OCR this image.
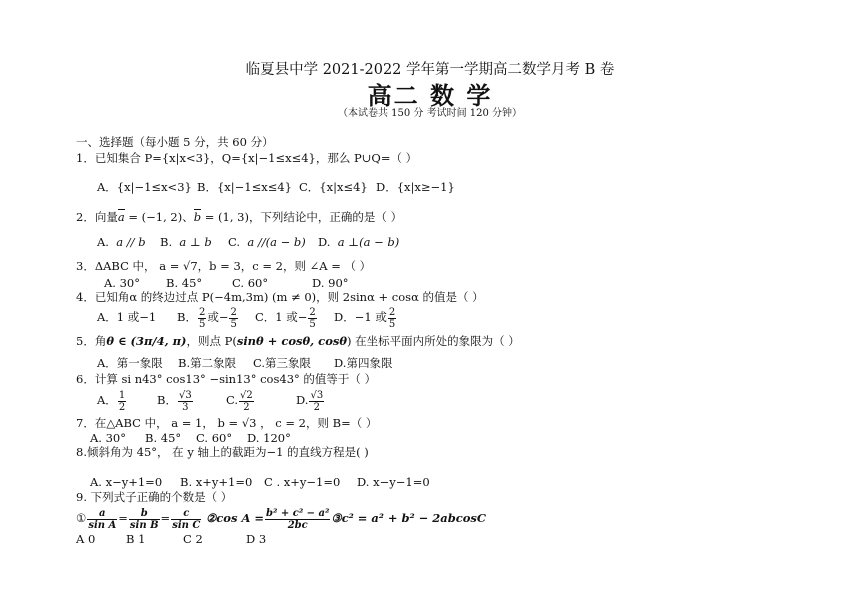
临夏县中学 2021-2022 学年第一学期高二数学月考 B 卷
高二 数 学
（本试卷共 150 分 考试时间 120 分钟）
一、选择题（每小题 5 分，共 60 分）
1．已知集合 P={x|x<3}，Q={x|−1≤x≤4}，那么 P∪Q=（ ）
A．{x|−1≤x<3} B．{x|−1≤x≤4} C．{x|x≤4} D．{x|x≥−1}
2．向量a = (−1, 2)、b = (1, 3)，下列结论中，正确的是（ ）
A. a // b B. a ⊥ b C. a //(a − b) D. a ⊥(a − b)
3．ΔABC 中， a = √7，b = 3，c = 2，则 ∠A = （ ）
A. 30° B. 45°	C. 60°	D. 90°
4．已知角α 的终边过点 P(−4m,3m) (m ≠ 0)，则 2sinα + cosα 的值是（ ）
A．1 或−1 B． $\frac{2}{5}$ 或− $\frac{2}{5}$ C．1 或− $\frac{2}{5}$ D．−1 或 $\frac{2}{5}$
5．角θ ∈ (3π/4, π)，则点 P(sinθ + cosθ, cosθ) 在坐标平面内所处的象限为（ ）
A．第一象限 B.第二象限 C.第三象限 D.第四象限
6．计算 si n43° cos13° −sin13° cos43° 的值等于（ ）
A． $\frac{1}{2}$	B． $\frac{√3}{3}$	C. $\frac{√2}{2}$	D. $\frac{√3}{2}$
7．在△ABC 中， a = 1， b = √3 ， c = 2，则 B=（ ）
A. 30° B. 45° C. 60° D. 120°
8.倾斜角为 45°， 在 y 轴上的截距为−1 的直线方程是( )
A. x−y+1=0 B. x+y+1=0 C . x+y−1=0 D. x−y−1=0
9. 下列式子正确的个数是（ ）
① $\frac{a}{\text{sin A}} = \frac{b}{\text{sin B}} = \frac{c}{\text{sin C}}$ ②cos $A = \frac{\text{b² + c² − a²}}{2bc}$ ③c² = a² + b² − 2abcosC
A 0	B 1	C 2	D 3
